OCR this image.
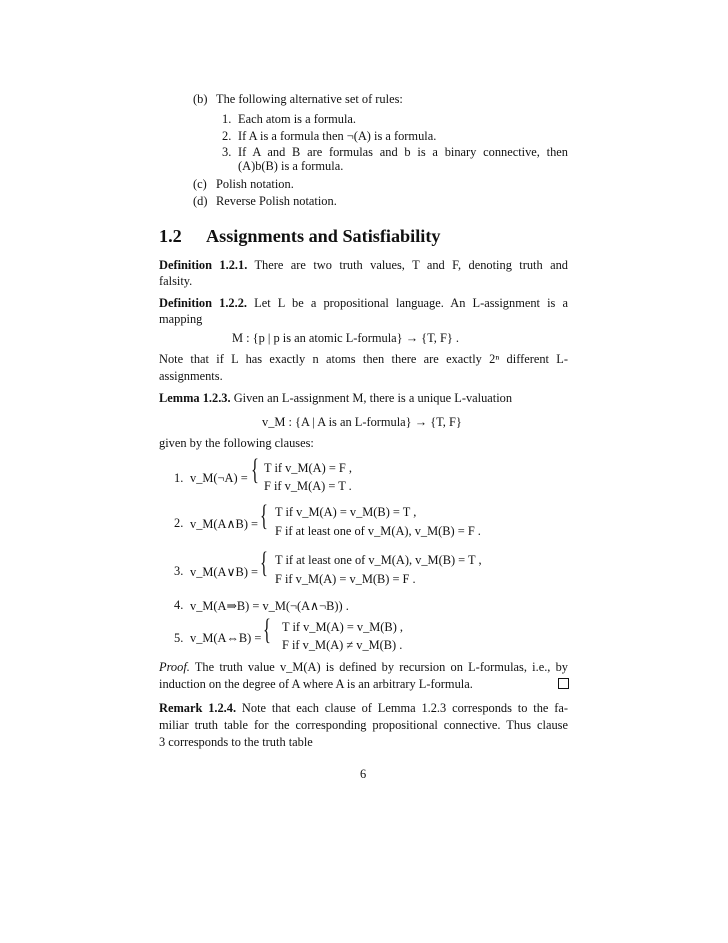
(b) The following alternative set of rules:
1. Each atom is a formula.
2. If A is a formula then ¬(A) is a formula.
3. If A and B are formulas and b is a binary connective, then
(A)b(B) is a formula.
(c) Polish notation.
(d) Reverse Polish notation.
1.2 Assignments and Satisfiability
Definition 1.2.1. There are two truth values, T and F, denoting truth and
falsity.
Definition 1.2.2. Let L be a propositional language. An L-assignment is a
mapping
M : {p | p is an atomic L-formula} → {T, F} .
Note that if L has exactly n atoms then there are exactly 2ⁿ different L-
assignments.
Lemma 1.2.3. Given an L-assignment M, there is a unique L-valuation
v_M : {A | A is an L-formula} → {T, F}
given by the following clauses:
1. v_M(¬A) = { T if v_M(A) = F ,
F if v_M(A) = T .
2. v_M(A∧B) = { T if v_M(A) = v_M(B) = T ,
F if at least one of v_M(A), v_M(B) = F .
3. v_M(A∨B) = { T if at least one of v_M(A), v_M(B) = T ,
F if v_M(A) = v_M(B) = F .
4. v_M(A⇒B) = v_M(¬(A∧¬B)) .
5. v_M(A⇔B) = { T if v_M(A) = v_M(B) ,
F if v_M(A) ≠ v_M(B) .
Proof. The truth value v_M(A) is defined by recursion on L-formulas, i.e., by
induction on the degree of A where A is an arbitrary L-formula.
Remark 1.2.4. Note that each clause of Lemma 1.2.3 corresponds to the fa-
miliar truth table for the corresponding propositional connective. Thus clause
3 corresponds to the truth table
6
